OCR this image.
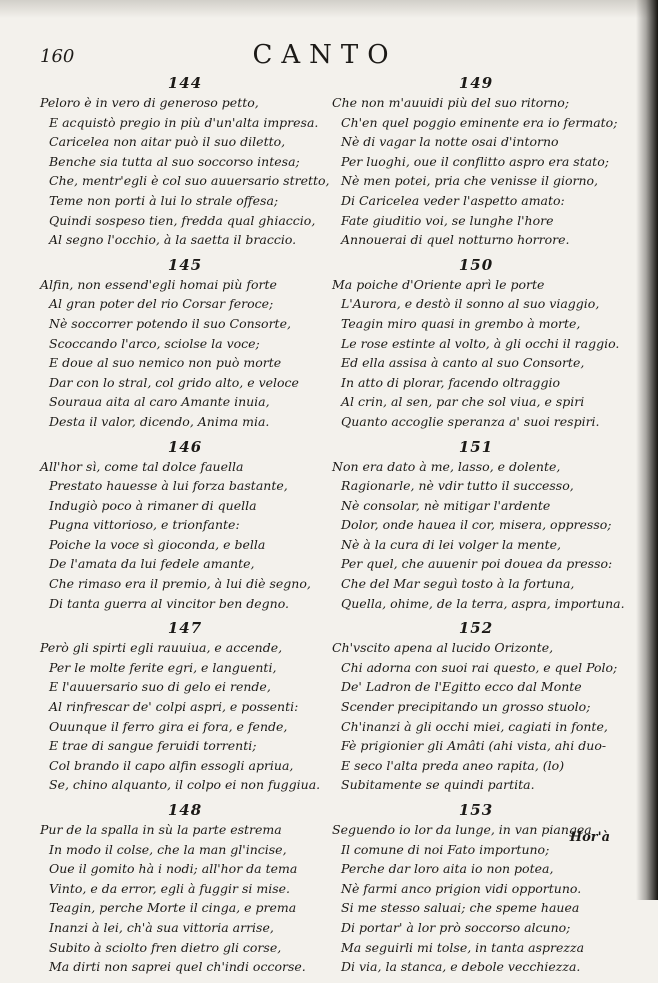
160	CANTO
144
Peloro è in vero di generoso petto,
E acquistò pregio in più d'un'alta impresa.
Caricelea non aitar può il suo diletto,
Benche sia tutta al suo soccorso intesa;
Che, mentr'egli è col suo auuersario stretto,
Teme non porti à lui lo strale offesa;
Quindi sospeso tien, fredda qual ghiaccio,
Al segno l'occhio, à la saetta il braccio.
145
Alfin, non essend'egli homai più forte
Al gran poter del rio Corsar feroce;
Nè soccorrer potendo il suo Consorte,
Scoccando l'arco, sciolse la voce;
E doue al suo nemico non può morte
Dar con lo stral, col grido alto, e veloce
Souraua aita al caro Amante inuia,
Desta il valor, dicendo, Anima mia.
146
All'hor sì, come tal dolce fauella
Prestato hauesse à lui forza bastante,
Indugiò poco à rimaner di quella
Pugna vittorioso, e trionfante:
Poiche la voce sì gioconda, e bella
De l'amata da lui fedele amante,
Che rimaso era il premio, à lui diè segno,
Di tanta guerra al vincitor ben degno.
147
Però gli spirti egli rauuiua, e accende,
Per le molte ferite egri, e languenti,
E l'auuersario suo di gelo ei rende,
Al rinfrescar de' colpi aspri, e possenti:
Ouunque il ferro gira ei fora, e fende,
E trae di sangue feruidi torrenti;
Col brando il capo alfin essogli apriua,
Se, chino alquanto, il colpo ei non fuggiua.
148
Pur de la spalla in sù la parte estrema
In modo il colse, che la man gl'incise,
Oue il gomito hà i nodi; all'hor da tema
Vinto, e da error, egli à fuggir si mise.
Teagin, perche Morte il cinga, e prema
Inanzi à lei, ch'à sua vittoria arrise,
Subito à sciolto fren dietro gli corse,
Ma dirti non saprei quel ch'indi occorse.
149
Che non m'auuidi più del suo ritorno;
Ch'en quel poggio eminente era io fermato;
Nè di vagar la notte osai d'intorno
Per luoghi, oue il conflitto aspro era stato;
Nè men potei, pria che venisse il giorno,
Di Caricelea veder l'aspetto amato:
Fate giuditio voi, se lunghe l'hore
Annouerai di quel notturno horrore.
150
Ma poiche d'Oriente aprì le porte
L'Aurora, e destò il sonno al suo viaggio,
Teagin miro quasi in grembo à morte,
Le rose estinte al volto, à gli occhi il raggio.
Ed ella assisa à canto al suo Consorte,
In atto di plorar, facendo oltraggio
Al crin, al sen, par che sol viua, e spiri
Quanto accoglie speranza a' suoi respiri.
151
Non era dato à me, lasso, e dolente,
Ragionarle, nè vdir tutto il successo,
Nè consolar, nè mitigar l'ardente
Dolor, onde hauea il cor, misera, oppresso;
Nè à la cura di lei volger la mente,
Per quel, che auuenir poi douea da presso:
Che del Mar seguì tosto à la fortuna,
Quella, ohime, de la terra, aspra, importuna.
152
Ch'vscito apena al lucido Orizonte,
Chi adorna con suoi rai questo, e quel Polo;
De' Ladron de l'Egitto ecco dal Monte
Scender precipitando un grosso stuolo;
Ch'inanzi à gli occhi miei, cagiati in fonte,
Fè prigionier gli Amâti (ahi vista, ahi duo-
E seco l'alta preda aneo rapita, (lo)
Subitamente se quindi partita.
153
Seguendo io lor da lunge, in van piangea
Il comune di noi Fato importuno;
Perche dar loro aita io non potea,
Nè farmi anco prigion vidi opportuno.
Si me stesso saluai; che speme hauea
Di portar' à lor prò soccorso alcuno;
Ma seguirli mi tolse, in tanta asprezza
Di via, la stanca, e debole vecchiezza.
Hor'à
